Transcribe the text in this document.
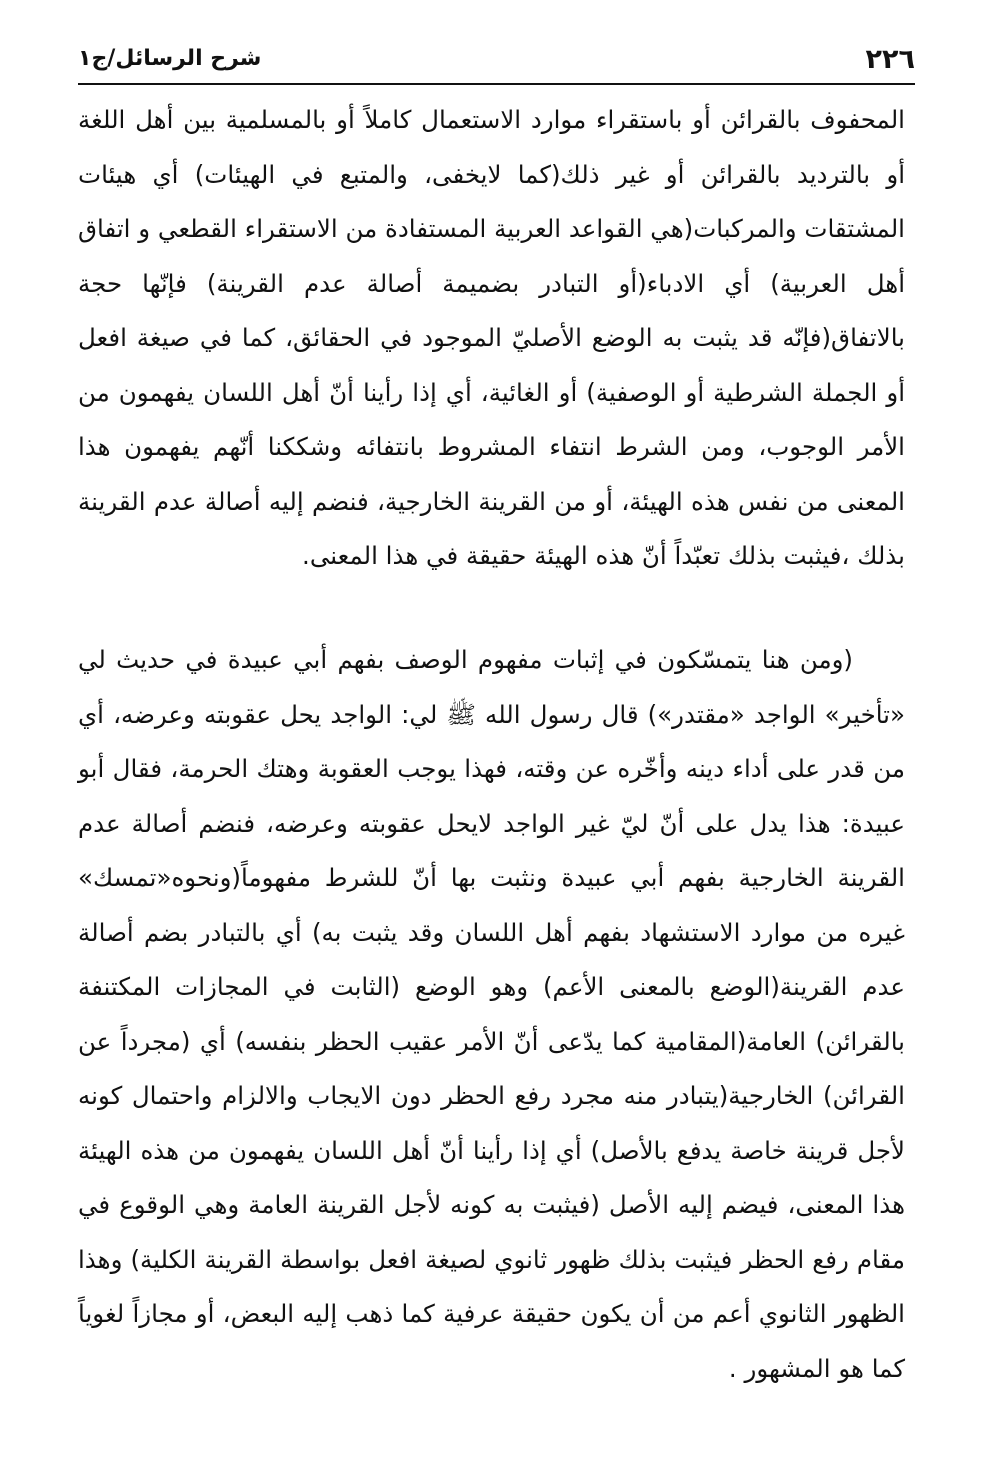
٢٢٦
شرح الرسائل/ج١

المحفوف بالقرائن أو باستقراء موارد الاستعمال كاملاً أو بالمسلمية بين أهل اللغة أو بالترديد بالقرائن أو غير ذلك(كما لايخفى، والمتبع في الهيئات) أي هيئات المشتقات والمركبات(هي القواعد العربية المستفادة من الاستقراء القطعي و اتفاق أهل العربية) أي الادباء(أو التبادر بضميمة أصالة عدم القرينة) فإنّها حجة بالاتفاق(فإنّه قد يثبت به الوضع الأصليّ الموجود في الحقائق، كما في صيغة افعل أو الجملة الشرطية أو الوصفية) أو الغائية، أي إذا رأينا أنّ أهل اللسان يفهمون من الأمر الوجوب، ومن الشرط انتفاء المشروط بانتفائه وشككنا أنّهم يفهمون هذا المعنى من نفس هذه الهيئة، أو من القرينة الخارجية، فنضم إليه أصالة عدم القرينة بذلك ،فيثبت بذلك تعبّداً أنّ هذه الهيئة حقيقة في هذا المعنى.

(ومن هنا يتمسّكون في إثبات مفهوم الوصف بفهم أبي عبيدة في حديث لي «تأخير» الواجد «مقتدر») قال رسول الله ﷺ لي: الواجد يحل عقوبته وعرضه، أي من قدر على أداء دينه وأخّره عن وقته، فهذا يوجب العقوبة وهتك الحرمة، فقال أبو عبيدة: هذا يدل على أنّ ليّ غير الواجد لايحل عقوبته وعرضه، فنضم أصالة عدم القرينة الخارجية بفهم أبي عبيدة ونثبت بها أنّ للشرط مفهوماً(ونحوه«تمسك» غيره من موارد الاستشهاد بفهم أهل اللسان وقد يثبت به) أي بالتبادر بضم أصالة عدم القرينة(الوضع بالمعنى الأعم) وهو الوضع (الثابت في المجازات المكتنفة بالقرائن) العامة(المقامية كما يدّعى أنّ الأمر عقيب الحظر بنفسه) أي (مجرداً عن القرائن) الخارجية(يتبادر منه مجرد رفع الحظر دون الايجاب والالزام واحتمال كونه لأجل قرينة خاصة يدفع بالأصل) أي إذا رأينا أنّ أهل اللسان يفهمون من هذه الهيئة هذا المعنى، فيضم إليه الأصل (فيثبت به كونه لأجل القرينة العامة وهي الوقوع في مقام رفع الحظر فيثبت بذلك ظهور ثانوي لصيغة افعل بواسطة القرينة الكلية) وهذا الظهور الثانوي أعم من أن يكون حقيقة عرفية كما ذهب إليه البعض، أو مجازاً لغوياً كما هو المشهور .
